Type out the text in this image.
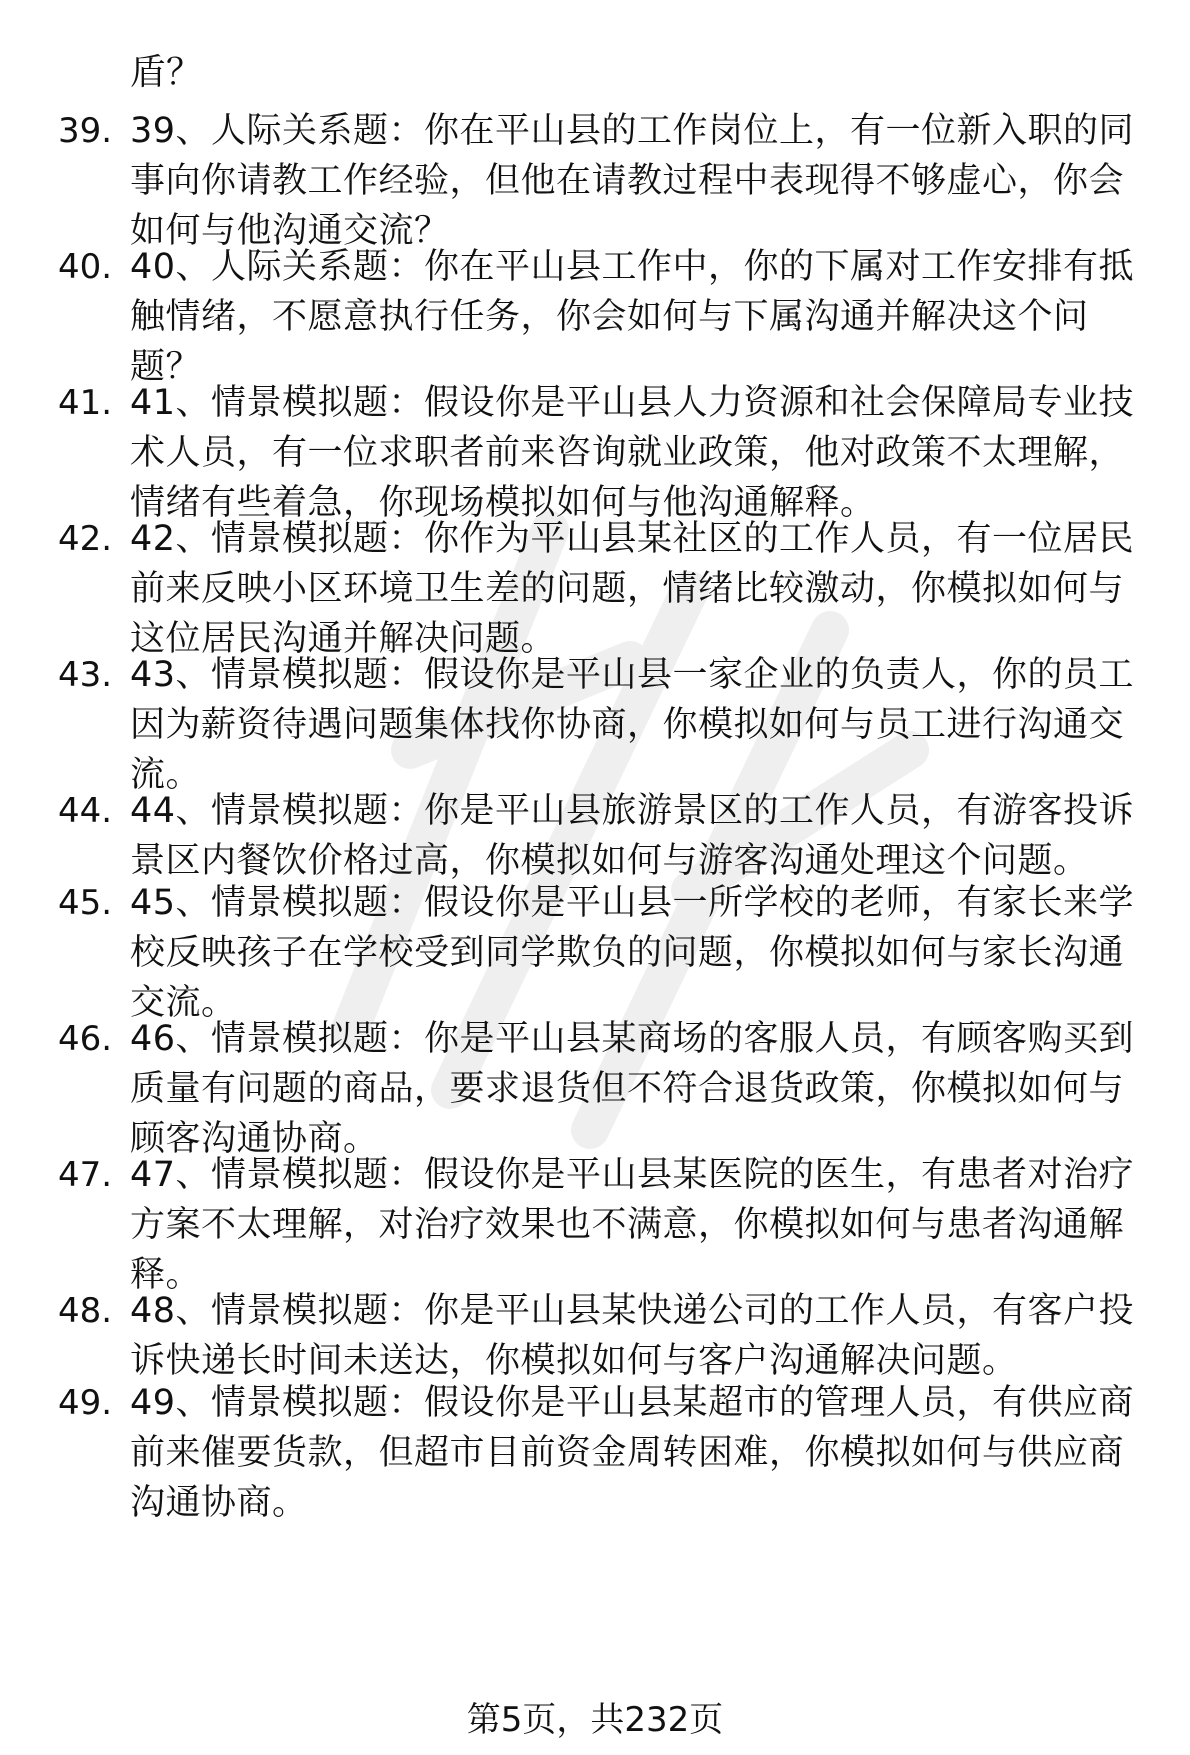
盾？
39. 39、人际关系题：你在平山县的工作岗位上，有一位新入职的同
事向你请教工作经验，但他在请教过程中表现得不够虚心，你会
如何与他沟通交流？
40. 40、人际关系题：你在平山县工作中，你的下属对工作安排有抵
触情绪，不愿意执行任务，你会如何与下属沟通并解决这个问
题？
41. 41、情景模拟题：假设你是平山县人力资源和社会保障局专业技
术人员，有一位求职者前来咨询就业政策，他对政策不太理解，
情绪有些着急，你现场模拟如何与他沟通解释。
42. 42、情景模拟题：你作为平山县某社区的工作人员，有一位居民
前来反映小区环境卫生差的问题，情绪比较激动，你模拟如何与
这位居民沟通并解决问题。
43. 43、情景模拟题：假设你是平山县一家企业的负责人，你的员工
因为薪资待遇问题集体找你协商，你模拟如何与员工进行沟通交
流。
44. 44、情景模拟题：你是平山县旅游景区的工作人员，有游客投诉
景区内餐饮价格过高，你模拟如何与游客沟通处理这个问题。
45. 45、情景模拟题：假设你是平山县一所学校的老师，有家长来学
校反映孩子在学校受到同学欺负的问题，你模拟如何与家长沟通
交流。
46. 46、情景模拟题：你是平山县某商场的客服人员，有顾客购买到
质量有问题的商品，要求退货但不符合退货政策，你模拟如何与
顾客沟通协商。
47. 47、情景模拟题：假设你是平山县某医院的医生，有患者对治疗
方案不太理解，对治疗效果也不满意，你模拟如何与患者沟通解
释。
48. 48、情景模拟题：你是平山县某快递公司的工作人员，有客户投
诉快递长时间未送达，你模拟如何与客户沟通解决问题。
49. 49、情景模拟题：假设你是平山县某超市的管理人员，有供应商
前来催要货款，但超市目前资金周转困难，你模拟如何与供应商
沟通协商。
第5页，共232页
